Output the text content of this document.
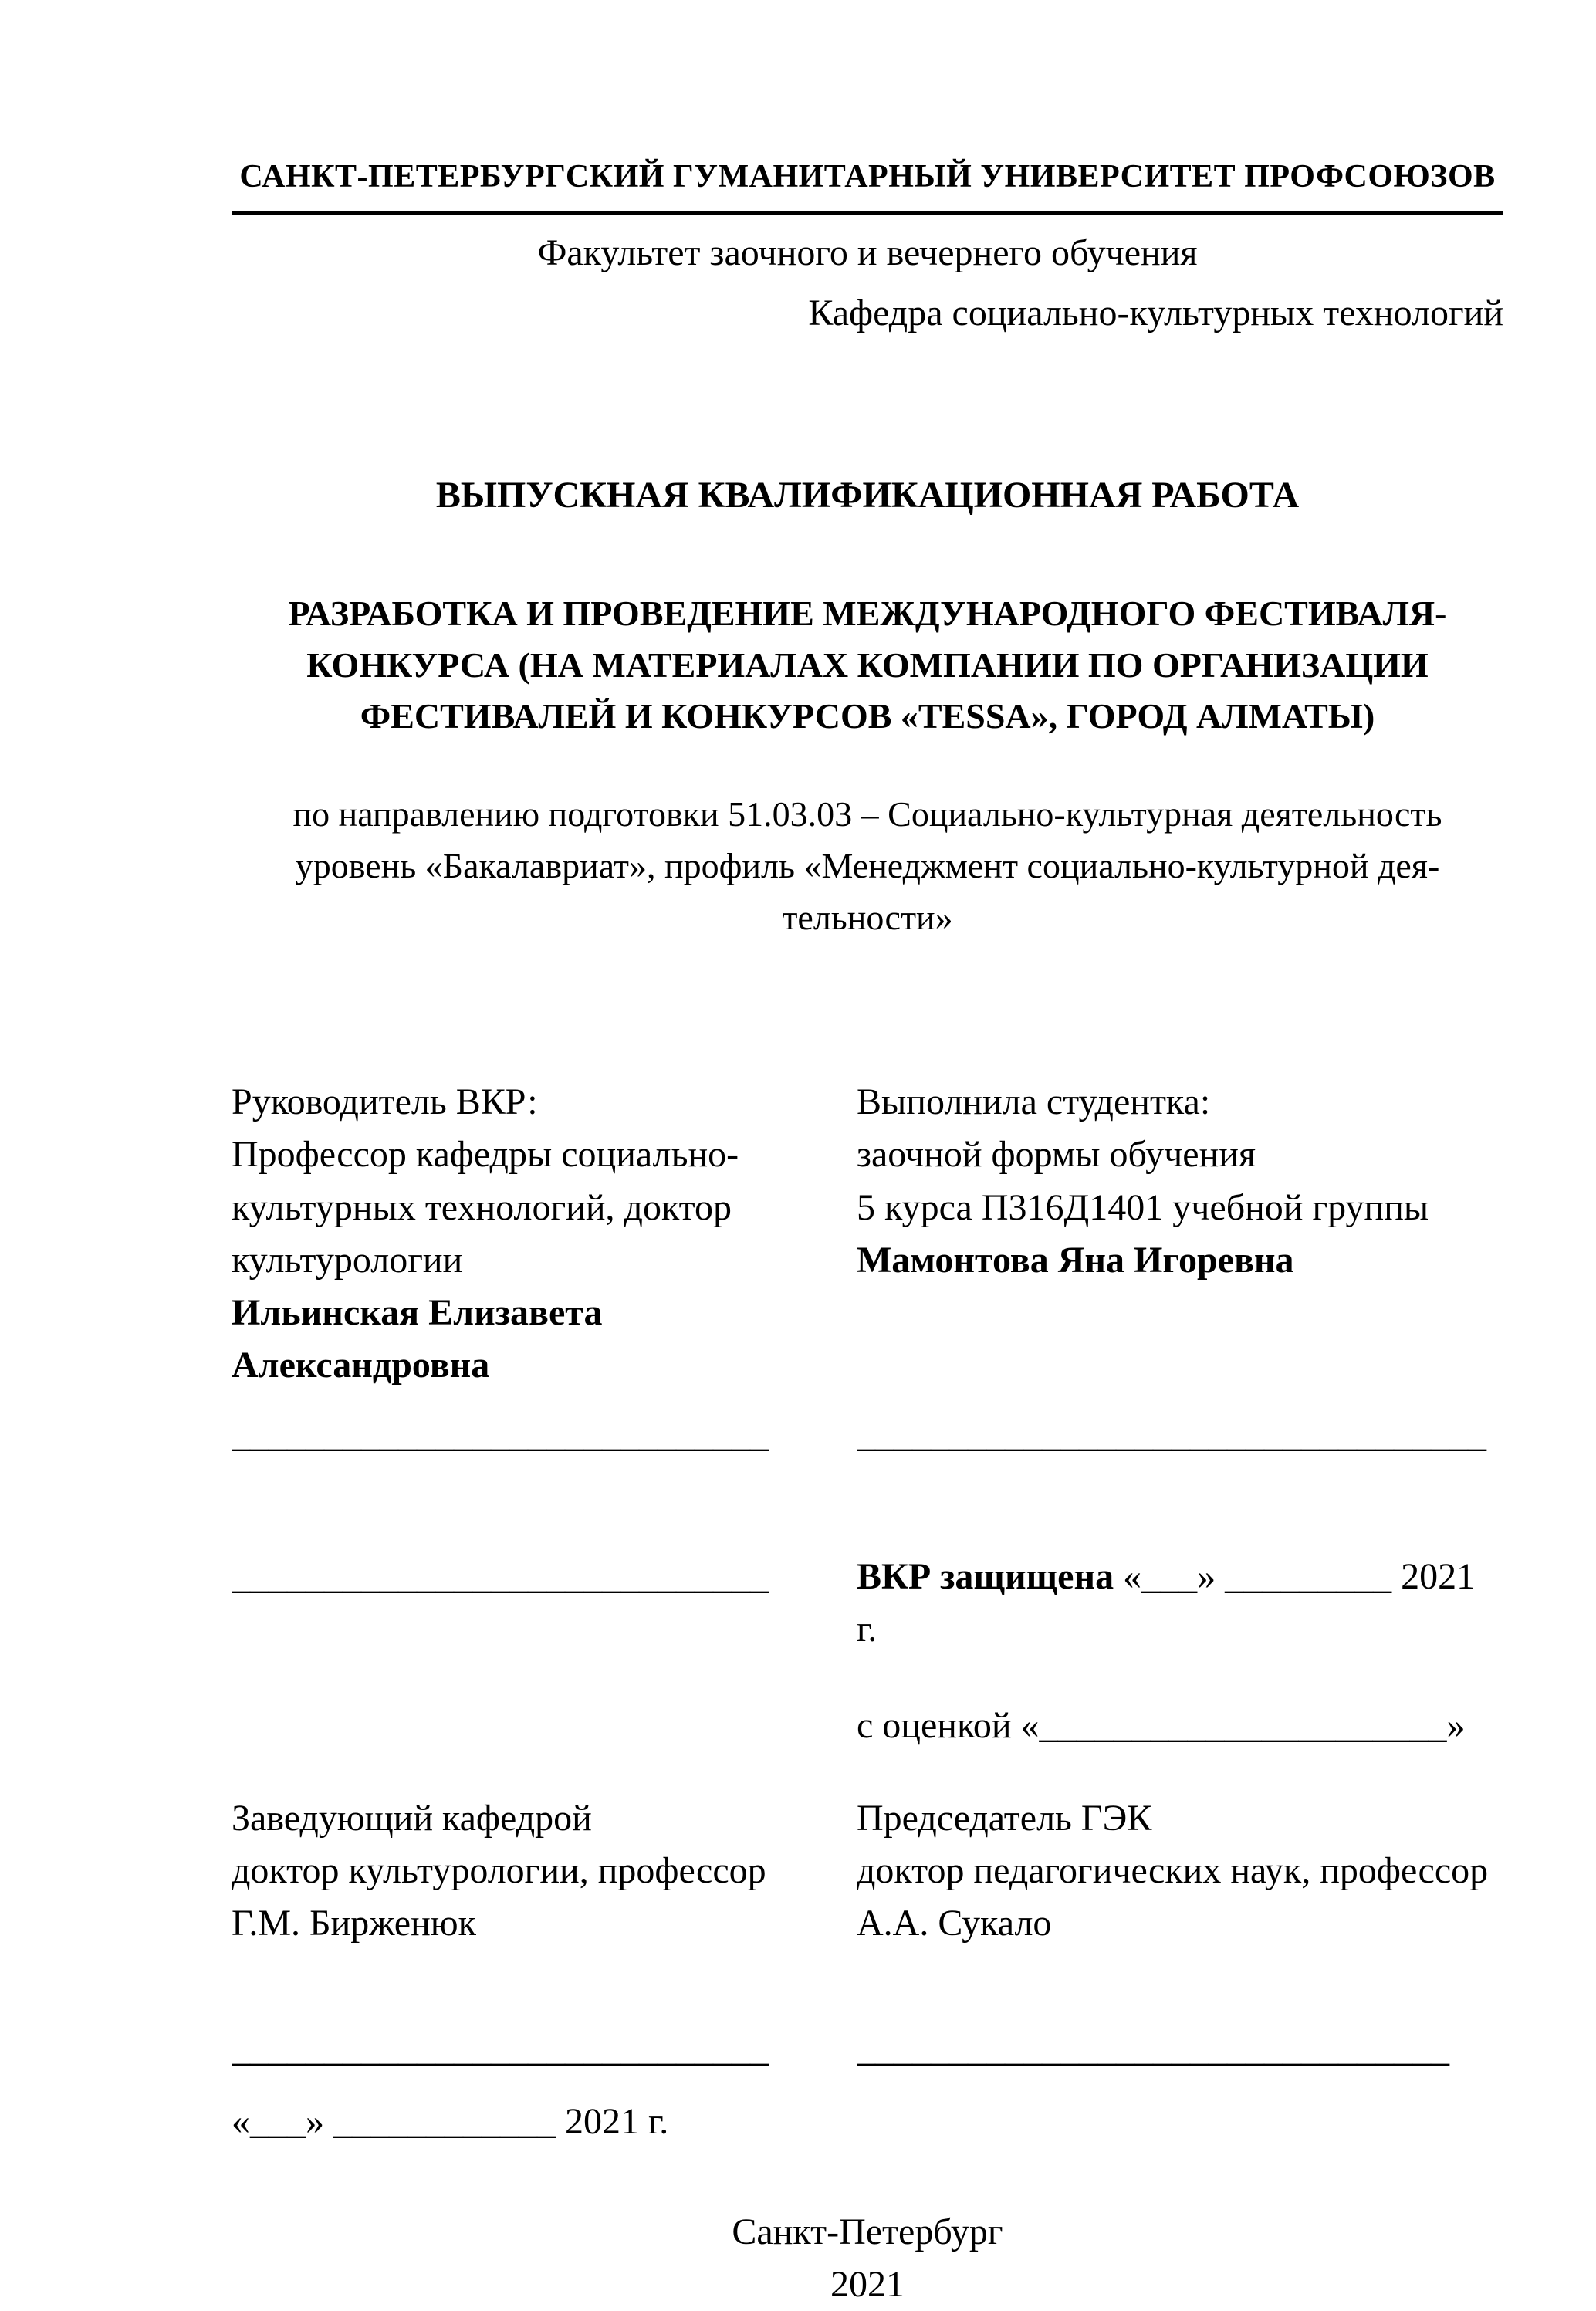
САНКТ-ПЕТЕРБУРГСКИЙ ГУМАНИТАРНЫЙ УНИВЕРСИТЕТ ПРОФСОЮЗОВ
Факультет заочного и вечернего обучения
Кафедра социально-культурных технологий
ВЫПУСКНАЯ КВАЛИФИКАЦИОННАЯ РАБОТА
РАЗРАБОТКА И ПРОВЕДЕНИЕ МЕЖДУНАРОДНОГО ФЕСТИВАЛЯ-
КОНКУРСА (НА МАТЕРИАЛАХ КОМПАНИИ ПО ОРГАНИЗАЦИИ
ФЕСТИВАЛЕЙ И КОНКУРСОВ «TESSA», ГОРОД АЛМАТЫ)
по направлению подготовки 51.03.03 – Социально-культурная деятельность
уровень «Бакалавриат», профиль «Менеджмент социально-культурной дея-
тельности»

Руководитель ВКР:

Профессор кафедры социально-

культурных технологий, доктор

культурологии

Ильинская Елизавета

Александровна

Выполнила студентка:

заочной формы обучения

5 курса П316Д1401 учебной группы

Мамонтова Яна Игоревна

_____________________________	__________________________________
_____________________________	ВКР защищена «___» _________ 2021 г.
с оценкой «______________________»

Заведующий кафедрой

доктор культурологии, профессор

Г.М. Бирженюк

Председатель ГЭК

доктор педагогических наук, профессор

А.А. Сукало

_____________________________	________________________________

«___» ____________ 2021 г.

Санкт-Петербург

2021
